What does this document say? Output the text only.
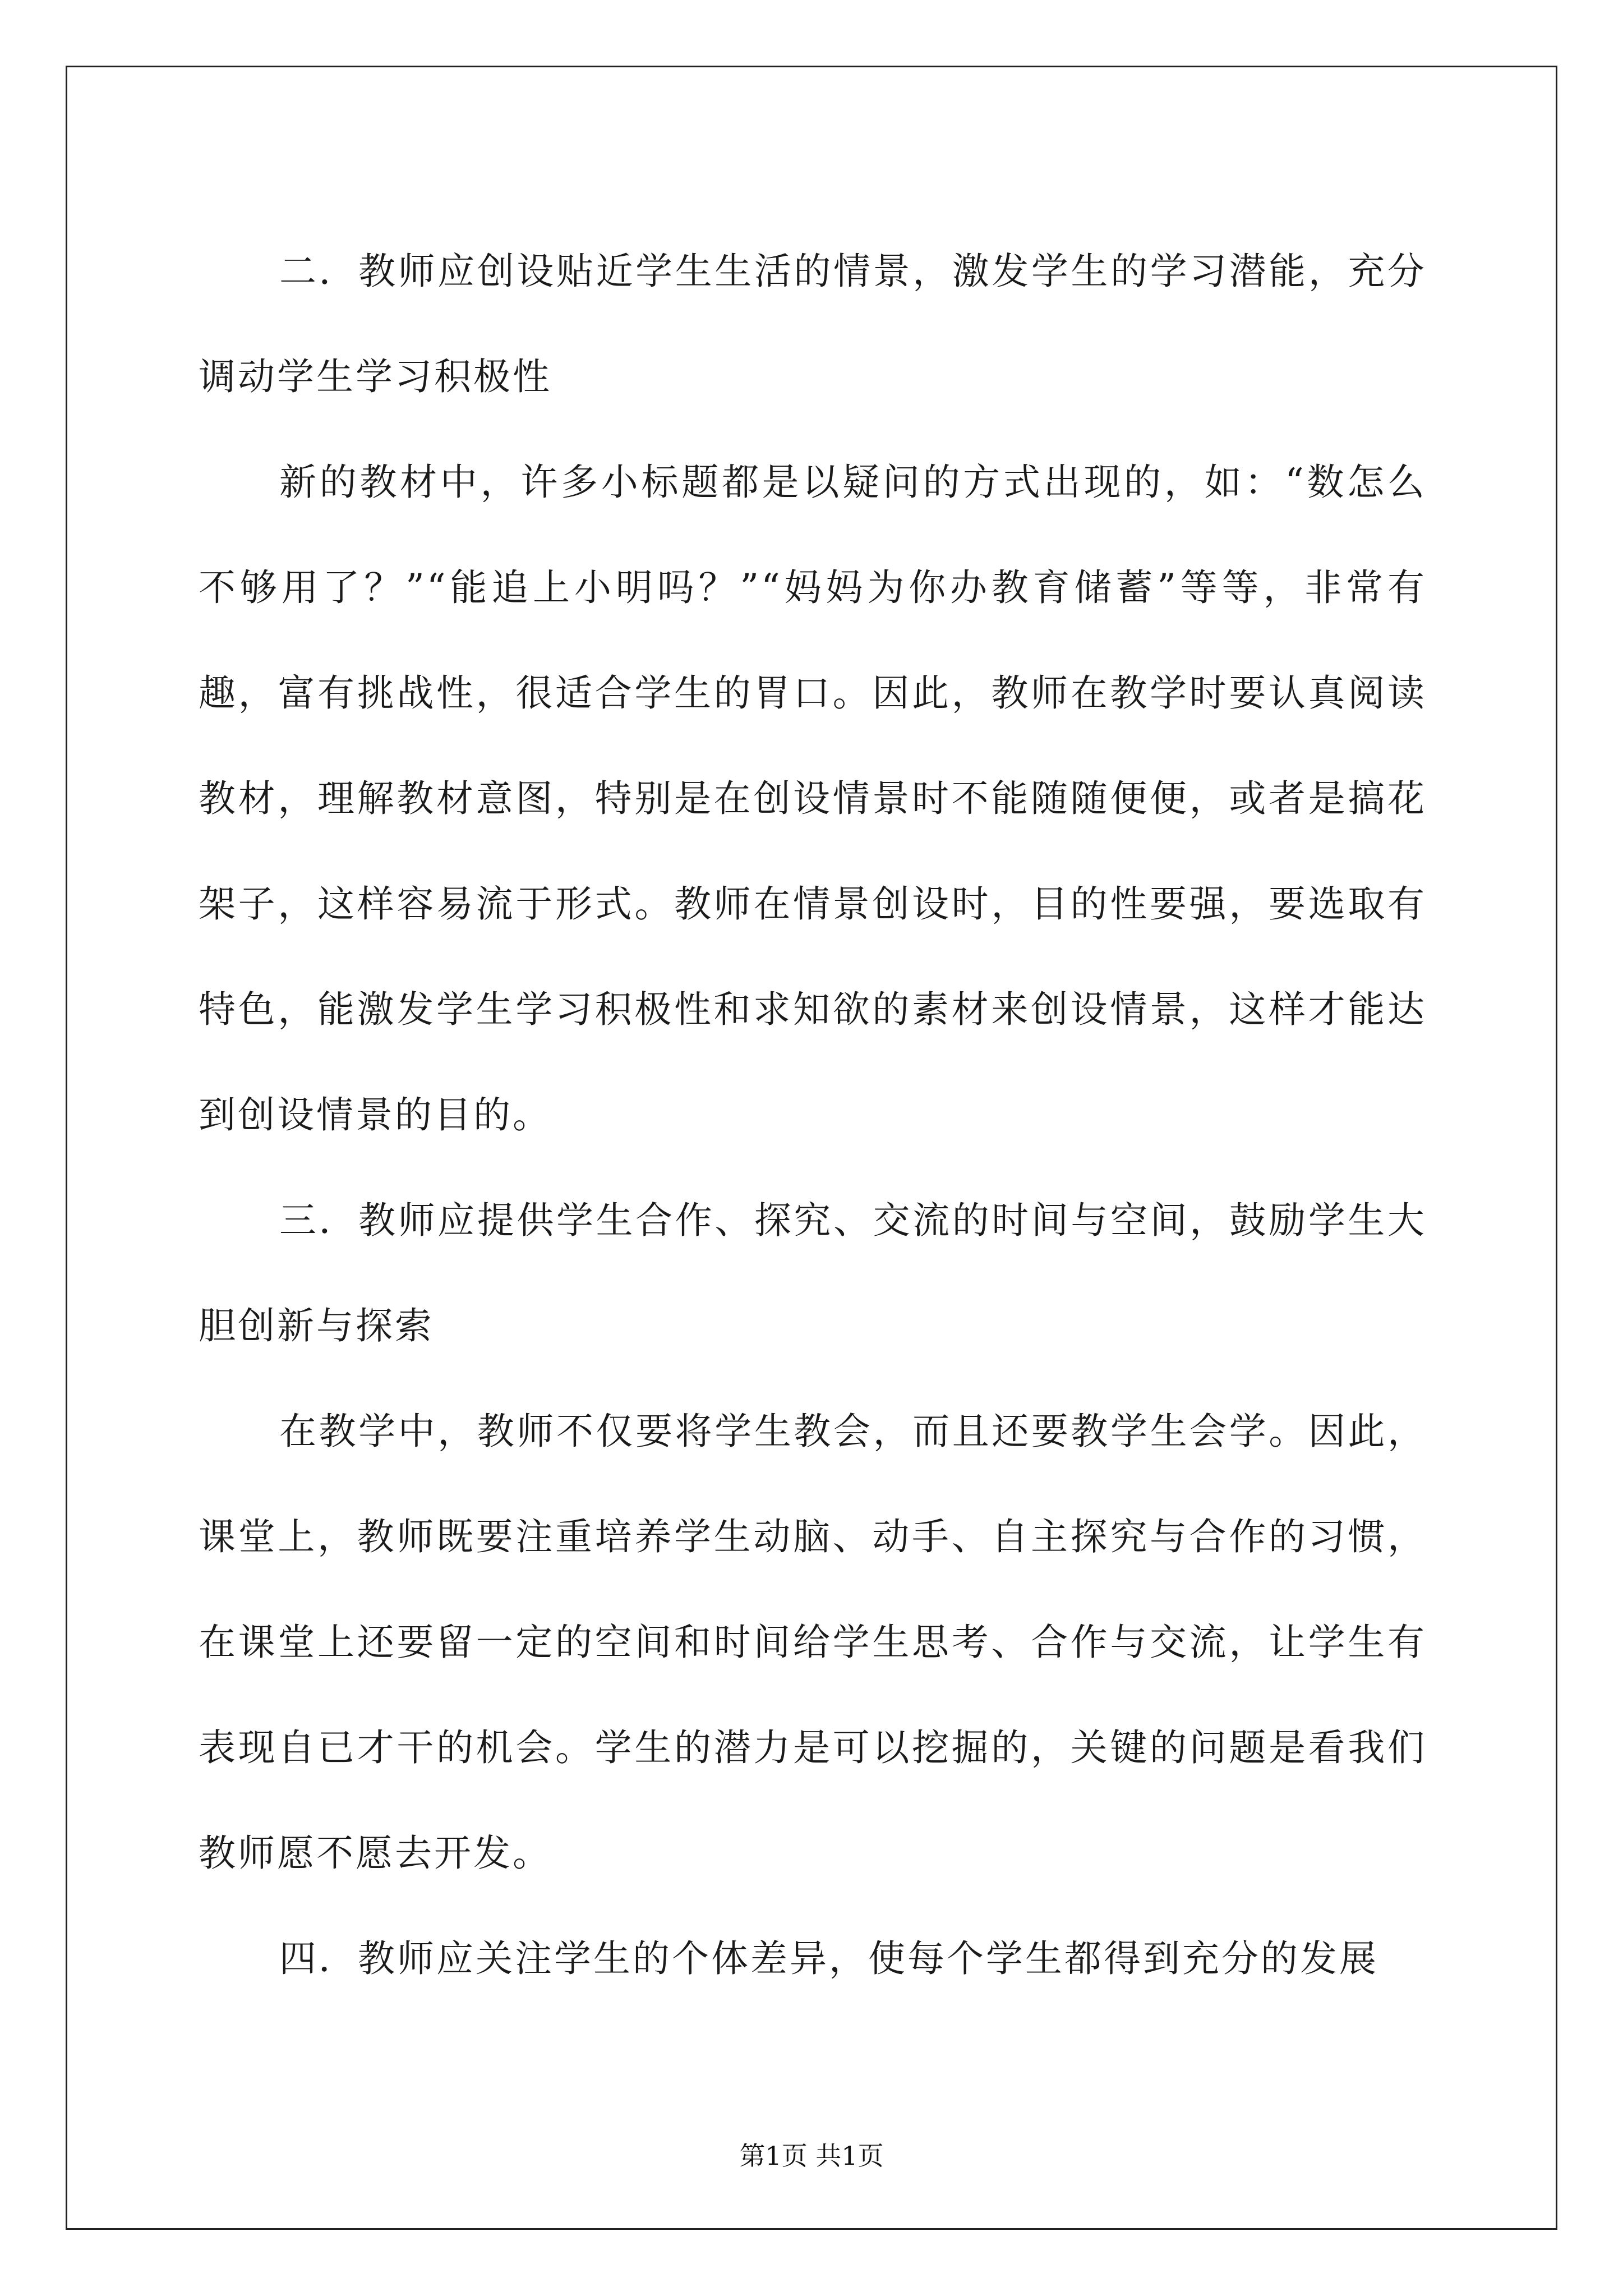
二．教师应创设贴近学生生活的情景，激发学生的学习潜能，充分调动学生学习积极性

新的教材中，许多小标题都是以疑问的方式出现的，如：“数怎么不够用了？”“能追上小明吗？”“妈妈为你办教育储蓄”等等，非常有趣，富有挑战性，很适合学生的胃口。因此，教师在教学时要认真阅读教材，理解教材意图，特别是在创设情景时不能随随便便，或者是搞花架子，这样容易流于形式。教师在情景创设时，目的性要强，要选取有特色，能激发学生学习积极性和求知欲的素材来创设情景，这样才能达到创设情景的目的。

三．教师应提供学生合作、探究、交流的时间与空间，鼓励学生大胆创新与探索

在教学中，教师不仅要将学生教会，而且还要教学生会学。因此，课堂上，教师既要注重培养学生动脑、动手、自主探究与合作的习惯，在课堂上还要留一定的空间和时间给学生思考、合作与交流，让学生有表现自已才干的机会。学生的潜力是可以挖掘的，关键的问题是看我们教师愿不愿去开发。

四．教师应关注学生的个体差异，使每个学生都得到充分的发展

第1页 共1页
